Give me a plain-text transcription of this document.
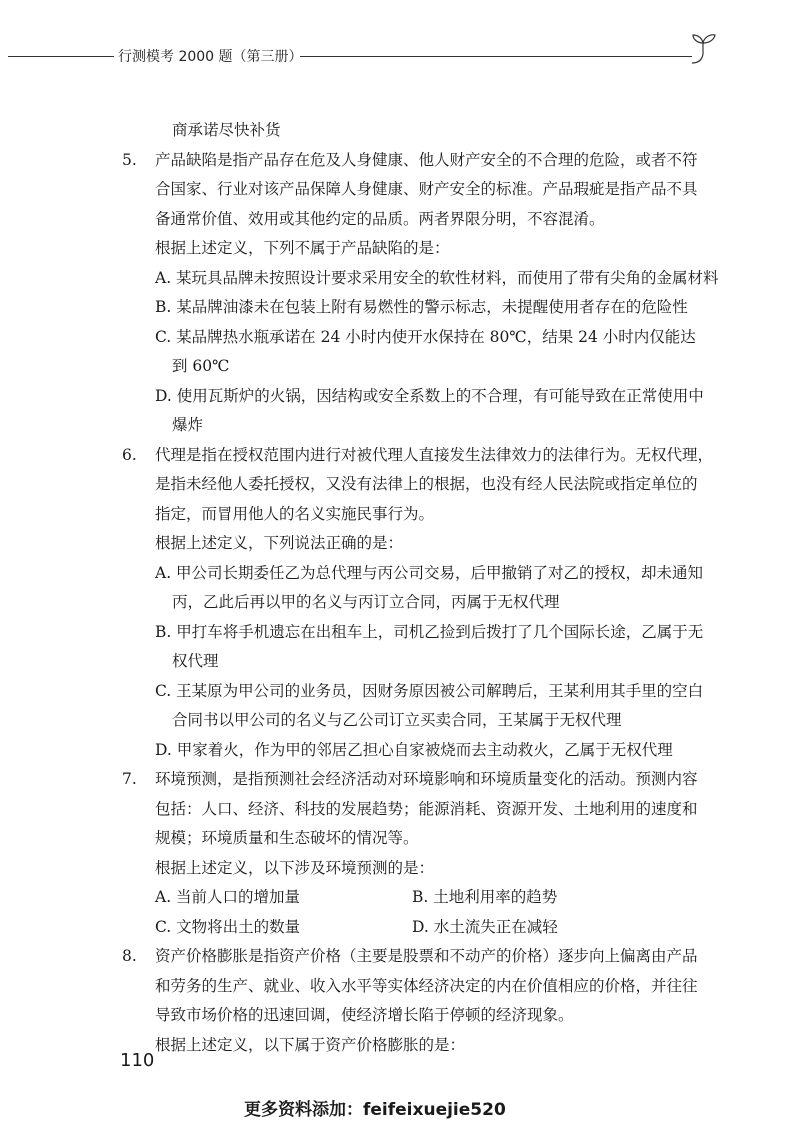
行测模考 2000 题（第三册）
商承诺尽快补货
5. 产品缺陷是指产品存在危及人身健康、他人财产安全的不合理的危险，或者不符
合国家、行业对该产品保障人身健康、财产安全的标准。产品瑕疵是指产品不具
备通常价值、效用或其他约定的品质。两者界限分明，不容混淆。
根据上述定义，下列不属于产品缺陷的是：
A. 某玩具品牌未按照设计要求采用安全的软性材料，而使用了带有尖角的金属材料
B. 某品牌油漆未在包装上附有易燃性的警示标志，未提醒使用者存在的危险性
C. 某品牌热水瓶承诺在 24 小时内使开水保持在 80℃，结果 24 小时内仅能达
到 60℃
D. 使用瓦斯炉的火锅，因结构或安全系数上的不合理，有可能导致在正常使用中
爆炸
6. 代理是指在授权范围内进行对被代理人直接发生法律效力的法律行为。无权代理，
是指未经他人委托授权，又没有法律上的根据，也没有经人民法院或指定单位的
指定，而冒用他人的名义实施民事行为。
根据上述定义，下列说法正确的是：
A. 甲公司长期委任乙为总代理与丙公司交易，后甲撤销了对乙的授权，却未通知
丙，乙此后再以甲的名义与丙订立合同，丙属于无权代理
B. 甲打车将手机遗忘在出租车上，司机乙捡到后拨打了几个国际长途，乙属于无
权代理
C. 王某原为甲公司的业务员，因财务原因被公司解聘后，王某利用其手里的空白
合同书以甲公司的名义与乙公司订立买卖合同，王某属于无权代理
D. 甲家着火，作为甲的邻居乙担心自家被烧而去主动救火，乙属于无权代理
7. 环境预测，是指预测社会经济活动对环境影响和环境质量变化的活动。预测内容
包括：人口、经济、科技的发展趋势；能源消耗、资源开发、土地利用的速度和
规模；环境质量和生态破坏的情况等。
根据上述定义，以下涉及环境预测的是：
A. 当前人口的增加量	B. 土地利用率的趋势
C. 文物将出土的数量	D. 水土流失正在减轻
8. 资产价格膨胀是指资产价格（主要是股票和不动产的价格）逐步向上偏离由产品
和劳务的生产、就业、收入水平等实体经济决定的内在价值相应的价格，并往往
导致市场价格的迅速回调，使经济增长陷于停顿的经济现象。
根据上述定义，以下属于资产价格膨胀的是：
110
更多资料添加：feifeixuejie520
